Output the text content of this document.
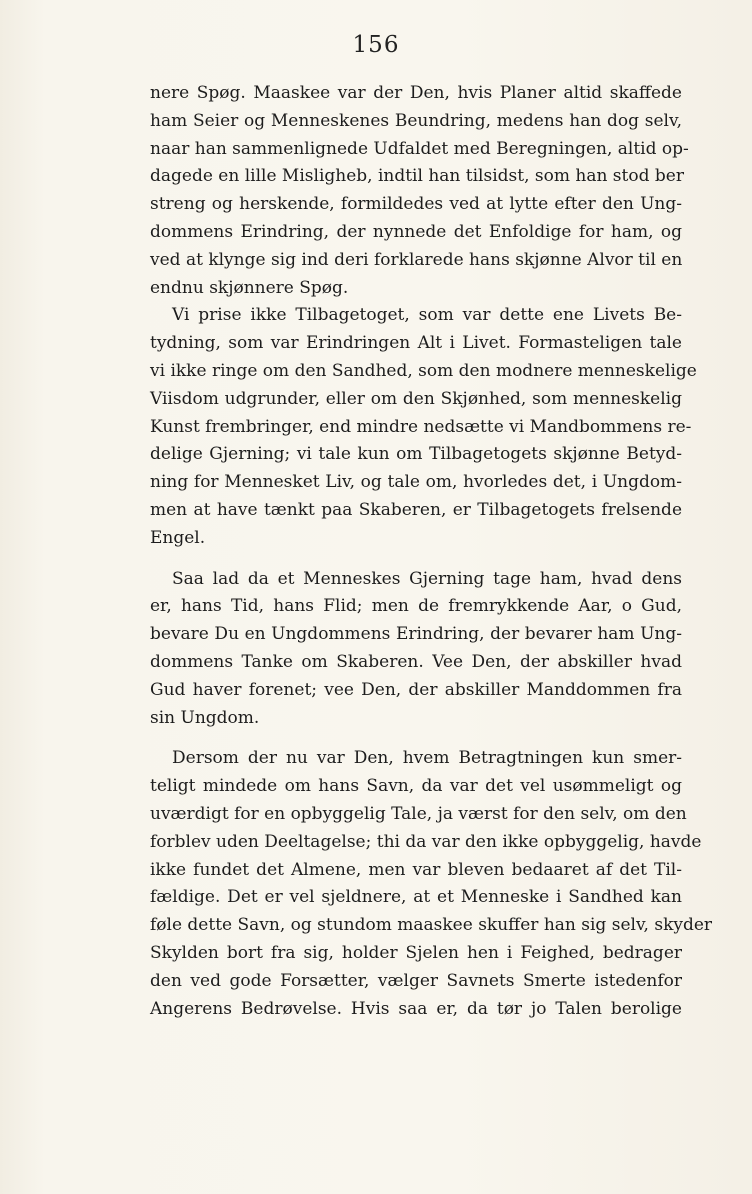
156
nere Spøg. Maaskee var der Den, hvis Planer altid skaffede
ham Seier og Menneskenes Beundring, medens han dog selv,
naar han sammenlignede Udfaldet med Beregningen, altid op-
dagede en lille Misligheb, indtil han tilsidst, som han stod ber
streng og herskende, formildedes ved at lytte efter den Ung-
dommens Erindring, der nynnede det Enfoldige for ham, og
ved at klynge sig ind deri forklarede hans skjønne Alvor til en
endnu skjønnere Spøg.
Vi prise ikke Tilbagetoget, som var dette ene Livets Be-
tydning, som var Erindringen Alt i Livet. Formasteligen tale
vi ikke ringe om den Sandhed, som den modnere menneskelige
Viisdom udgrunder, eller om den Skjønhed, som menneskelig
Kunst frembringer, end mindre nedsætte vi Mandbommens re-
delige Gjerning; vi tale kun om Tilbagetogets skjønne Betyd-
ning for Mennesket Liv, og tale om, hvorledes det, i Ungdom-
men at have tænkt paa Skaberen, er Tilbagetogets frelsende
Engel.
Saa lad da et Menneskes Gjerning tage ham, hvad dens
er, hans Tid, hans Flid; men de fremrykkende Aar, o Gud,
bevare Du en Ungdommens Erindring, der bevarer ham Ung-
dommens Tanke om Skaberen. Vee Den, der abskiller hvad
Gud haver forenet; vee Den, der abskiller Manddommen fra
sin Ungdom.
Dersom der nu var Den, hvem Betragtningen kun smer-
teligt mindede om hans Savn, da var det vel usømmeligt og
uværdigt for en opbyggelig Tale, ja værst for den selv, om den
forblev uden Deeltagelse; thi da var den ikke opbyggelig, havde
ikke fundet det Almene, men var bleven bedaaret af det Til-
fældige. Det er vel sjeldnere, at et Menneske i Sandhed kan
føle dette Savn, og stundom maaskee skuffer han sig selv, skyder
Skylden bort fra sig, holder Sjelen hen i Feighed, bedrager
den ved gode Forsætter, vælger Savnets Smerte istedenfor
Angerens Bedrøvelse. Hvis saa er, da tør jo Talen berolige
